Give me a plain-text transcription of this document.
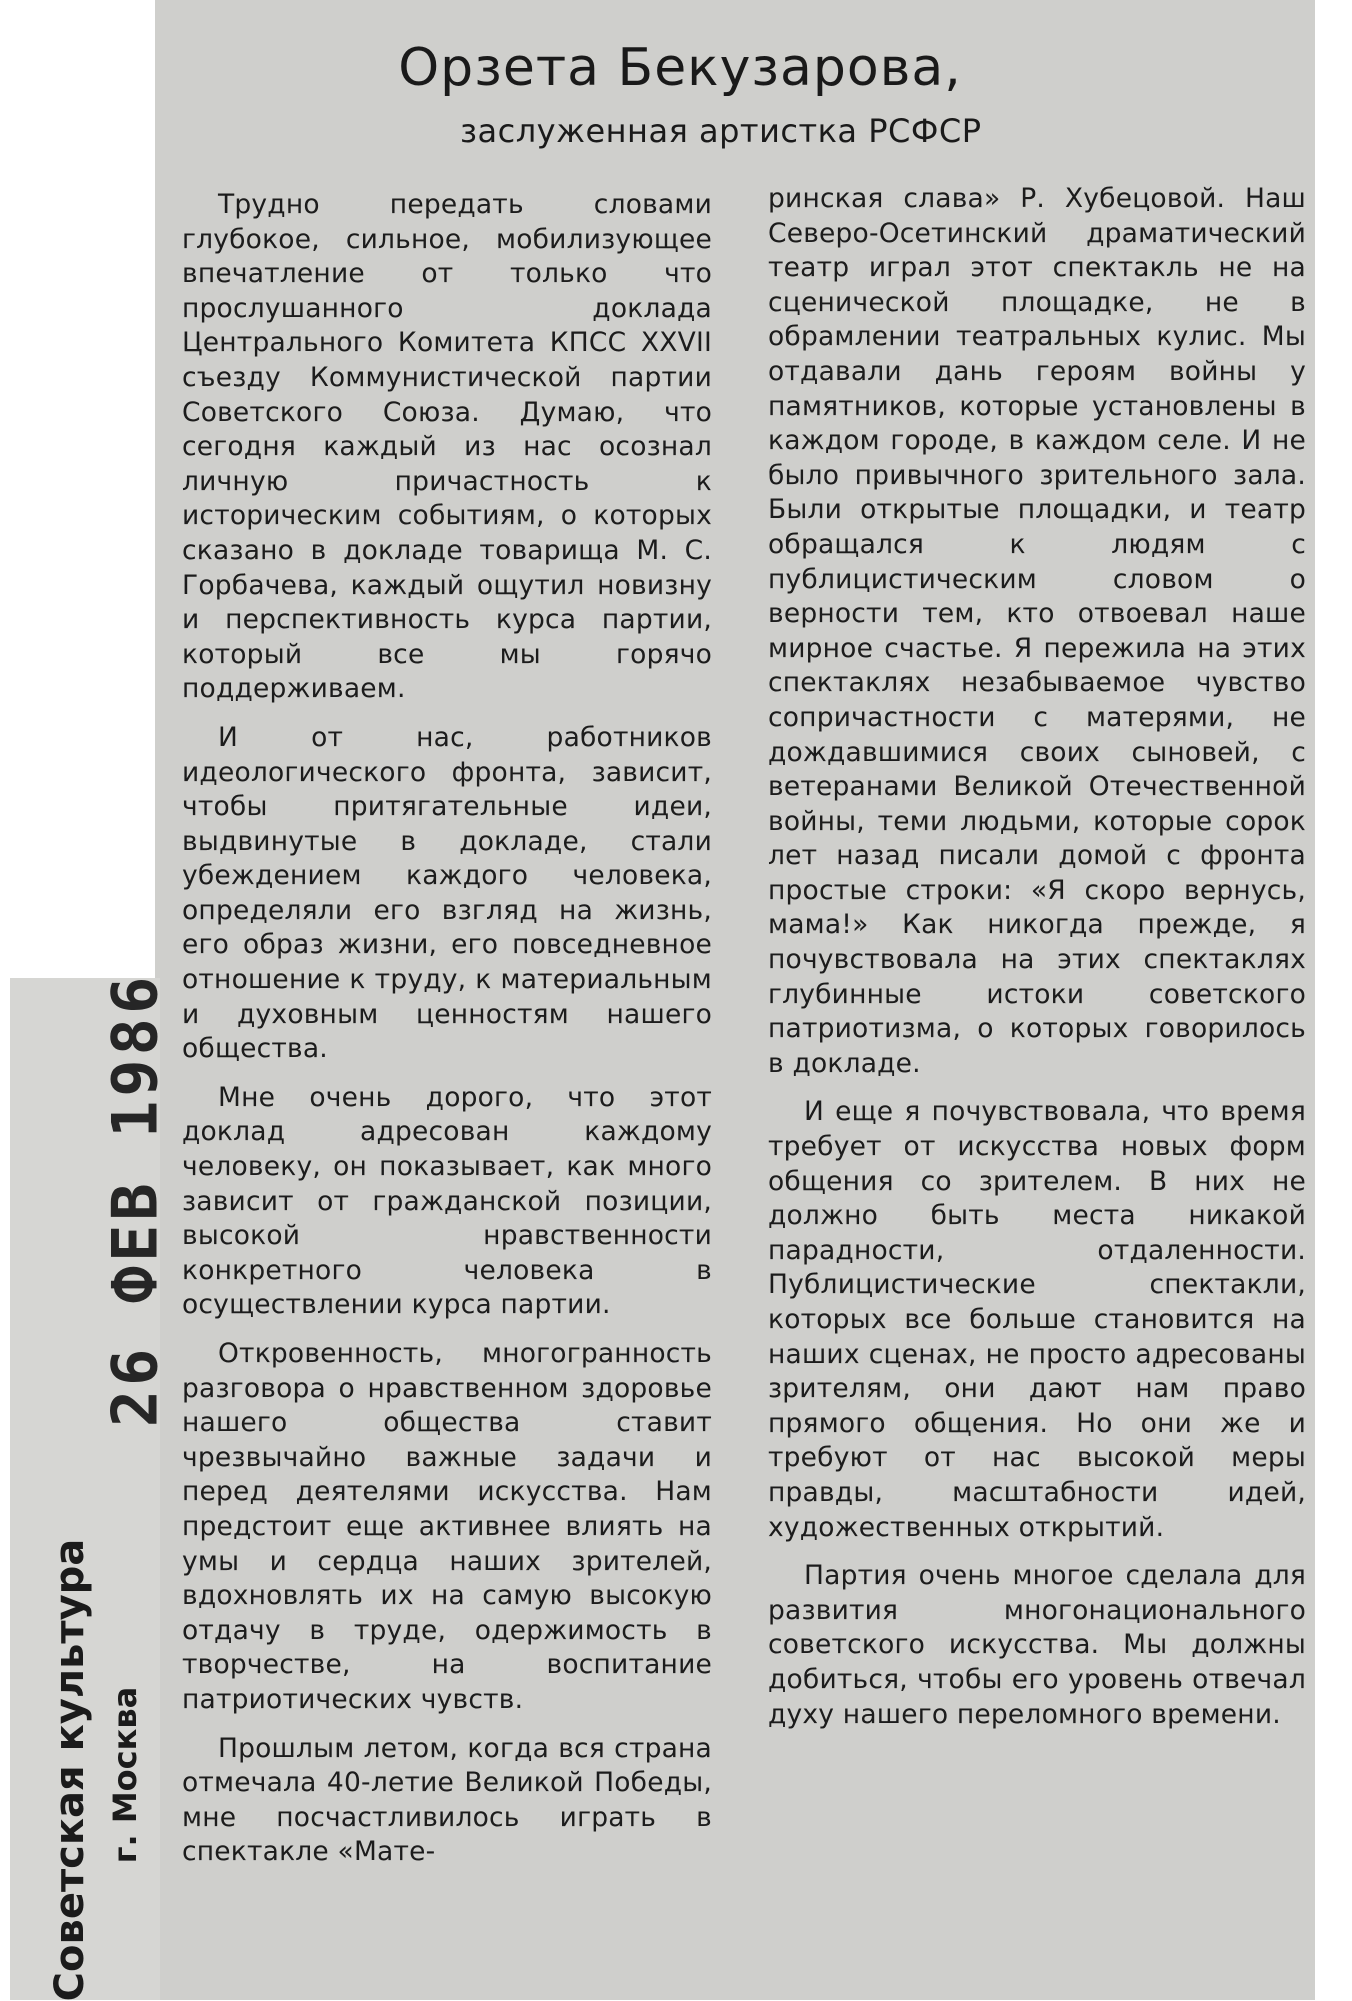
26 ФЕВ 1986
Советская культура г. Москва
Орзета Бекузарова,
заслуженная артистка РСФСР

Трудно передать словами глубокое, сильное, мобилизующее впечатление от только что прослушанного доклада Центрального Комитета КПСС XXVII съезду Коммунистической партии Советского Союза. Думаю, что сегодня каждый из нас осознал личную причастность к историческим событиям, о которых сказано в докладе товарища М. С. Горбачева, каждый ощутил новизну и перспективность курса партии, который все мы горячо поддерживаем.

И от нас, работников идеологического фронта, зависит, чтобы притягательные идеи, выдвинутые в докладе, стали убеждением каждого человека, определяли его взгляд на жизнь, его образ жизни, его повседневное отношение к труду, к материальным и духовным ценностям нашего общества.

Мне очень дорого, что этот доклад адресован каждому человеку, он показывает, как много зависит от гражданской позиции, высокой нравственности конкретного человека в осуществлении курса партии.

Откровенность, многогранность разговора о нравственном здоровье нашего общества ставит чрезвычайно важные задачи и перед деятелями искусства. Нам предстоит еще активнее влиять на умы и сердца наших зрителей, вдохновлять их на самую высокую отдачу в труде, одержимость в творчестве, на воспитание патриотических чувств.

Прошлым летом, когда вся страна отмечала 40-летие Великой Победы, мне посчастливилось играть в спектакле «Мате-

ринская слава» Р. Хубецовой. Наш Северо-Осетинский драматический театр играл этот спектакль не на сценической площадке, не в обрамлении театральных кулис. Мы отдавали дань героям войны у памятников, которые установлены в каждом городе, в каждом селе. И не было привычного зрительного зала. Были открытые площадки, и театр обращался к людям с публицистическим словом о верности тем, кто отвоевал наше мирное счастье. Я пережила на этих спектаклях незабываемое чувство сопричастности с матерями, не дождавшимися своих сыновей, с ветеранами Великой Отечественной войны, теми людьми, которые сорок лет назад писали домой с фронта простые строки: «Я скоро вернусь, мама!» Как никогда прежде, я почувствовала на этих спектаклях глубинные истоки советского патриотизма, о которых говорилось в докладе.

И еще я почувствовала, что время требует от искусства новых форм общения со зрителем. В них не должно быть места никакой парадности, отдаленности. Публицистические спектакли, которых все больше становится на наших сценах, не просто адресованы зрителям, они дают нам право прямого общения. Но они же и требуют от нас высокой меры правды, масштабности идей, художественных открытий.

Партия очень многое сделала для развития многонационального советского искусства. Мы должны добиться, чтобы его уровень отвечал духу нашего переломного времени.
